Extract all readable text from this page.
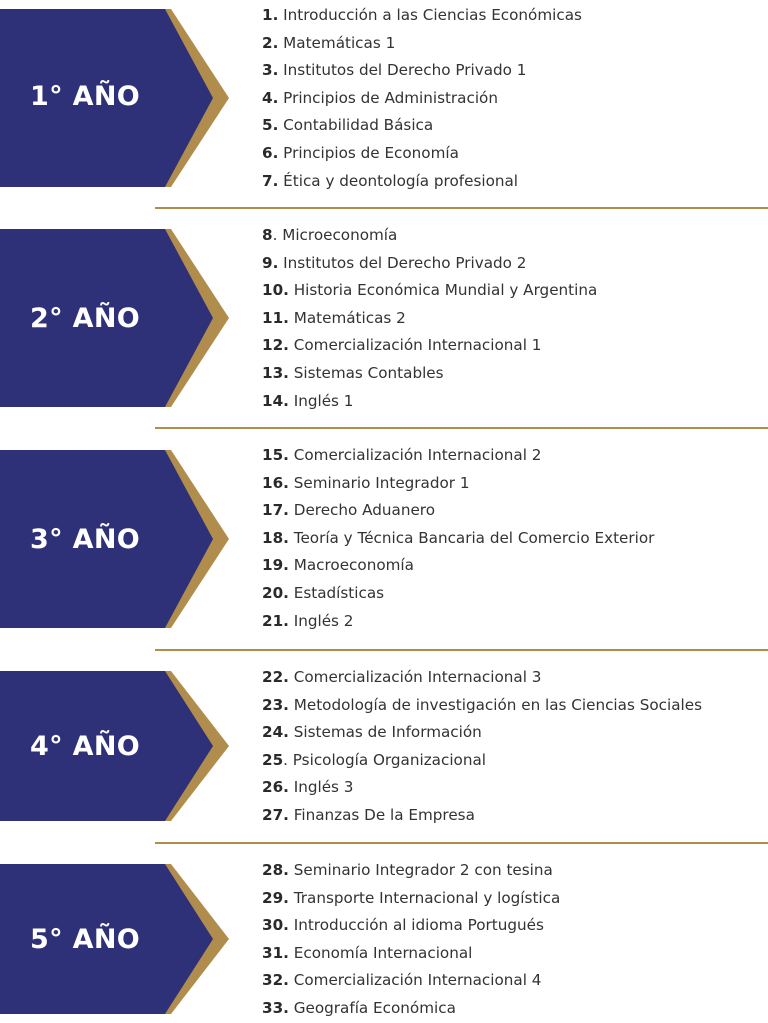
1° AÑO
1. Introducción a las Ciencias Económicas
2. Matemáticas 1
3. Institutos del Derecho Privado 1
4. Principios de Administración
5. Contabilidad Básica
6. Principios de Economía
7. Ética y deontología profesional
2° AÑO
8. Microeconomía
9. Institutos del Derecho Privado 2
10. Historia Económica Mundial y Argentina
11. Matemáticas 2
12. Comercialización Internacional 1
13. Sistemas Contables
14. Inglés 1
3° AÑO
15. Comercialización Internacional 2
16. Seminario Integrador 1
17. Derecho Aduanero
18. Teoría y Técnica Bancaria del Comercio Exterior
19. Macroeconomía
20. Estadísticas
21. Inglés 2
4° AÑO
22. Comercialización Internacional 3
23. Metodología de investigación en las Ciencias Sociales
24. Sistemas de Información
25. Psicología Organizacional
26. Inglés 3
27. Finanzas De la Empresa
5° AÑO
28. Seminario Integrador 2 con tesina
29. Transporte Internacional y logística
30. Introducción al idioma Portugués
31. Economía Internacional
32. Comercialización Internacional 4
33. Geografía Económica
